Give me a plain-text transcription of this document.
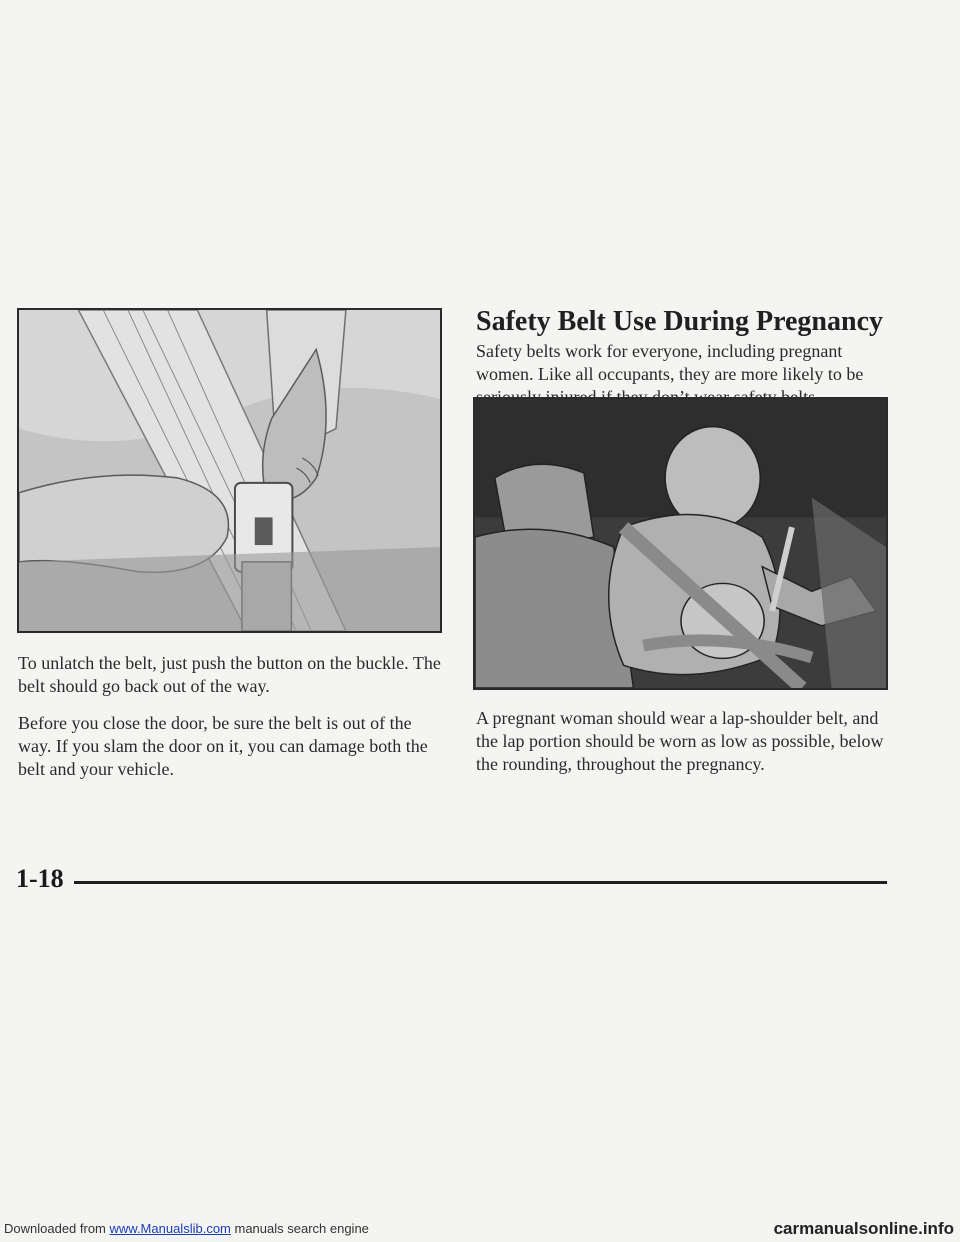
To unlatch the belt, just push the button on the buckle. The belt should go back out of the way.

Before you close the door, be sure the belt is out of the way. If you slam the door on it, you can damage both the belt and your vehicle.

Safety Belt Use During Pregnancy

Safety belts work for everyone, including pregnant women. Like all occupants, they are more likely to be

A pregnant woman should wear a lap-shoulder belt, and the lap portion should be worn as low as possible, below the rounding, throughout the pregnancy.

1-18
Downloaded from www.Manualslib.com manuals search engine	carmanualsonline.info
